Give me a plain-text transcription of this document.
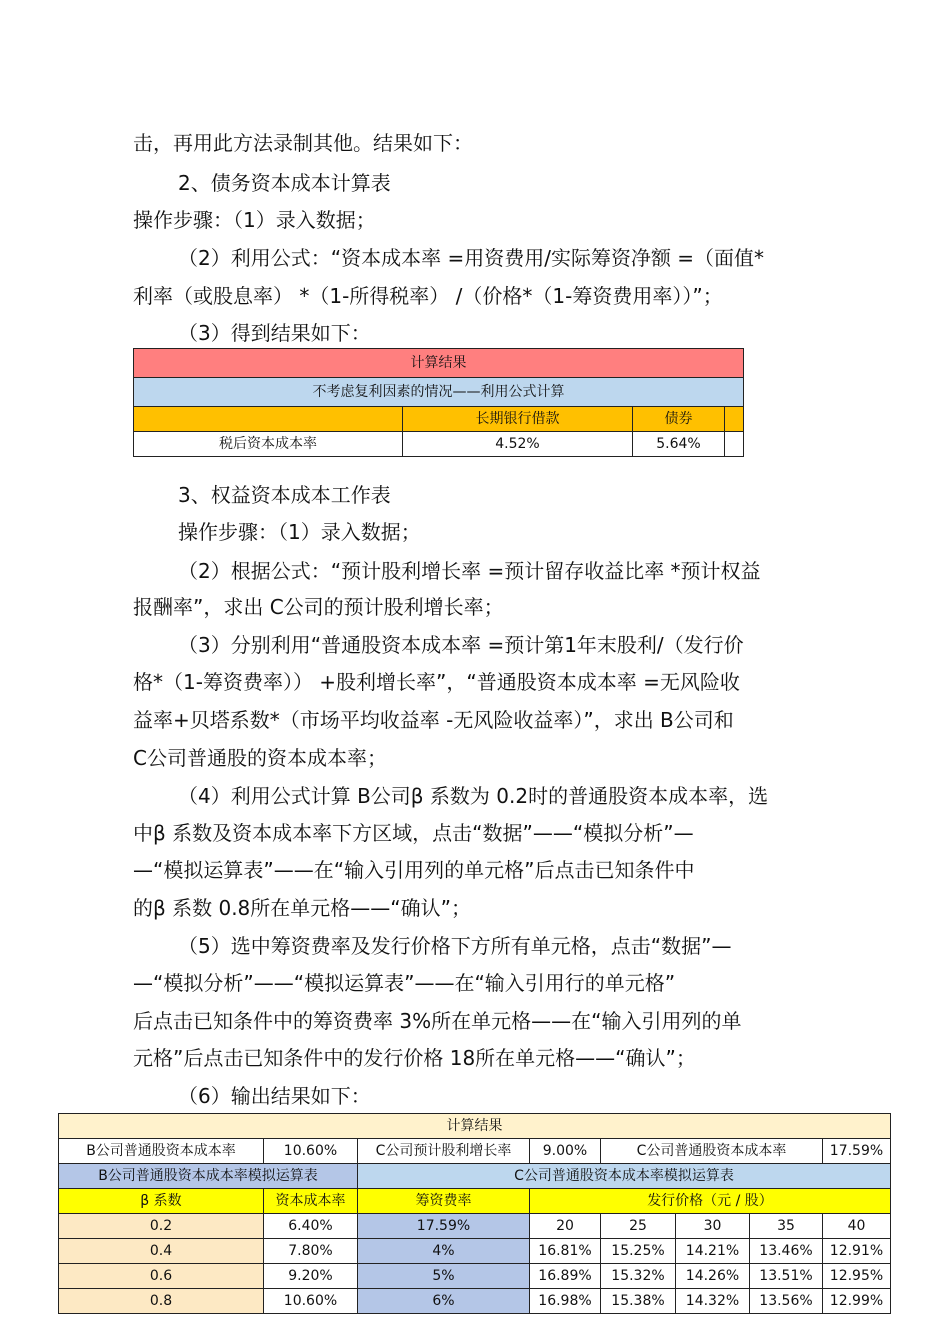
击，再用此方法录制其他。结果如下：
2、债务资本成本计算表
操作步骤：（1）录入数据；
（2）利用公式：“资本成本率 =用资费用/实际筹资净额 =（面值*
利率（或股息率） *（1-所得税率） /（价格*（1-筹资费用率））”；
（3）得到结果如下：
计算结果			
不考虑复利因素的情况——利用公式计算			
	长期银行借款	债券	
税后资本成本率	4.52%	5.64%	
3、权益资本成本工作表
操作步骤：（1）录入数据；
（2）根据公式：“预计股利增长率 =预计留存收益比率 *预计权益
报酬率”，求出 C公司的预计股利增长率；
（3）分别利用“普通股资本成本率 =预计第1年末股利/（发行价
格*（1-筹资费率）） +股利增长率”，“普通股资本成本率 =无风险收
益率+贝塔系数*（市场平均收益率 -无风险收益率）”，求出 B公司和
C公司普通股的资本成本率；
（4）利用公式计算 B公司β 系数为 0.2时的普通股资本成本率，选
中β 系数及资本成本率下方区域，点击“数据”——“模拟分析”—
—“模拟运算表”——在“输入引用列的单元格”后点击已知条件中
的β 系数 0.8所在单元格——“确认”；
（5）选中筹资费率及发行价格下方所有单元格，点击“数据”—
—“模拟分析”——“模拟运算表”——在“输入引用行的单元格”
后点击已知条件中的筹资费率 3%所在单元格——在“输入引用列的单
元格”后点击已知条件中的发行价格 18所在单元格——“确认”；
（6）输出结果如下：
计算结果							
B公司普通股资本成本率	10.60%	C公司预计股利增长率	9.00%	C公司普通股资本成本率			17.59%
B公司普通股资本成本率模拟运算表		C公司普通股资本成本率模拟运算表					
β 系数	资本成本率	筹资费率	发行价格（元 / 股）				
0.2	6.40%	17.59%	20	25	30	35	40
0.4	7.80%	4%	16.81%	15.25%	14.21%	13.46%	12.91%
0.6	9.20%	5%	16.89%	15.32%	14.26%	13.51%	12.95%
0.8	10.60%	6%	16.98%	15.38%	14.32%	13.56%	12.99%
